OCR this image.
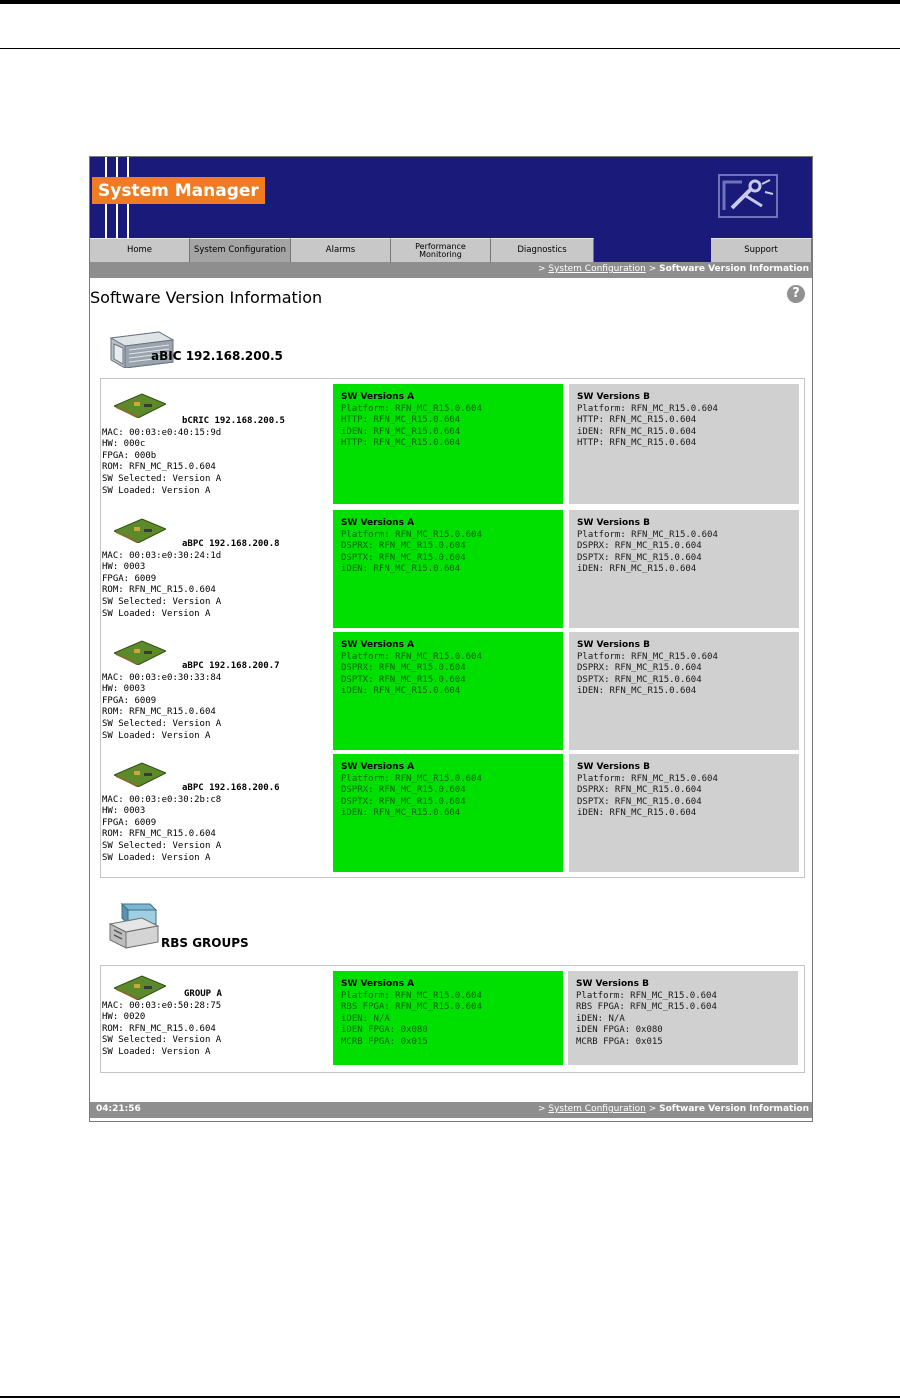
System Manager
Home	System Configuration	Alarms	Performance
Monitoring	Diagnostics	Support
> System Configuration > Software Version Information
Software Version Information	?
aBIC 192.168.200.5
bCRIC 192.168.200.5
MAC: 00:03:e0:40:15:9d
HW: 000c
FPGA: 000b
ROM: RFN_MC_R15.0.604
SW Selected: Version A
SW Loaded: Version A
SW Versions A
Platform: RFN_MC_R15.0.604
HTTP: RFN_MC_R15.0.604
iDEN: RFN_MC_R15.0.604
HTTP: RFN_MC_R15.0.604
SW Versions B
Platform: RFN_MC_R15.0.604
HTTP: RFN_MC_R15.0.604
iDEN: RFN_MC_R15.0.604
HTTP: RFN_MC_R15.0.604
aBPC 192.168.200.8
MAC: 00:03:e0:30:24:1d
HW: 0003
FPGA: 6009
ROM: RFN_MC_R15.0.604
SW Selected: Version A
SW Loaded: Version A
SW Versions A
Platform: RFN_MC_R15.0.604
DSPRX: RFN_MC_R15.0.604
DSPTX: RFN_MC_R15.0.604
iDEN: RFN_MC_R15.0.604
SW Versions B
Platform: RFN_MC_R15.0.604
DSPRX: RFN_MC_R15.0.604
DSPTX: RFN_MC_R15.0.604
iDEN: RFN_MC_R15.0.604
aBPC 192.168.200.7
MAC: 00:03:e0:30:33:84
HW: 0003
FPGA: 6009
ROM: RFN_MC_R15.0.604
SW Selected: Version A
SW Loaded: Version A
SW Versions A
Platform: RFN_MC_R15.0.604
DSPRX: RFN_MC_R15.0.604
DSPTX: RFN_MC_R15.0.604
iDEN: RFN_MC_R15.0.604
SW Versions B
Platform: RFN_MC_R15.0.604
DSPRX: RFN_MC_R15.0.604
DSPTX: RFN_MC_R15.0.604
iDEN: RFN_MC_R15.0.604
aBPC 192.168.200.6
MAC: 00:03:e0:30:2b:c8
HW: 0003
FPGA: 6009
ROM: RFN_MC_R15.0.604
SW Selected: Version A
SW Loaded: Version A
SW Versions A
Platform: RFN_MC_R15.0.604
DSPRX: RFN_MC_R15.0.604
DSPTX: RFN_MC_R15.0.604
iDEN: RFN_MC_R15.0.604
SW Versions B
Platform: RFN_MC_R15.0.604
DSPRX: RFN_MC_R15.0.604
DSPTX: RFN_MC_R15.0.604
iDEN: RFN_MC_R15.0.604
RBS GROUPS
GROUP A
MAC: 00:03:e0:50:28:75
HW: 0020
ROM: RFN_MC_R15.0.604
SW Selected: Version A
SW Loaded: Version A
SW Versions A
Platform: RFN_MC_R15.0.604
RBS FPGA: RFN_MC_R15.0.604
iDEN: N/A
iDEN FPGA: 0x080
MCRB FPGA: 0x015
SW Versions B
Platform: RFN_MC_R15.0.604
RBS FPGA: RFN_MC_R15.0.604
iDEN: N/A
iDEN FPGA: 0x080
MCRB FPGA: 0x015
04:21:56	> System Configuration > Software Version Information
